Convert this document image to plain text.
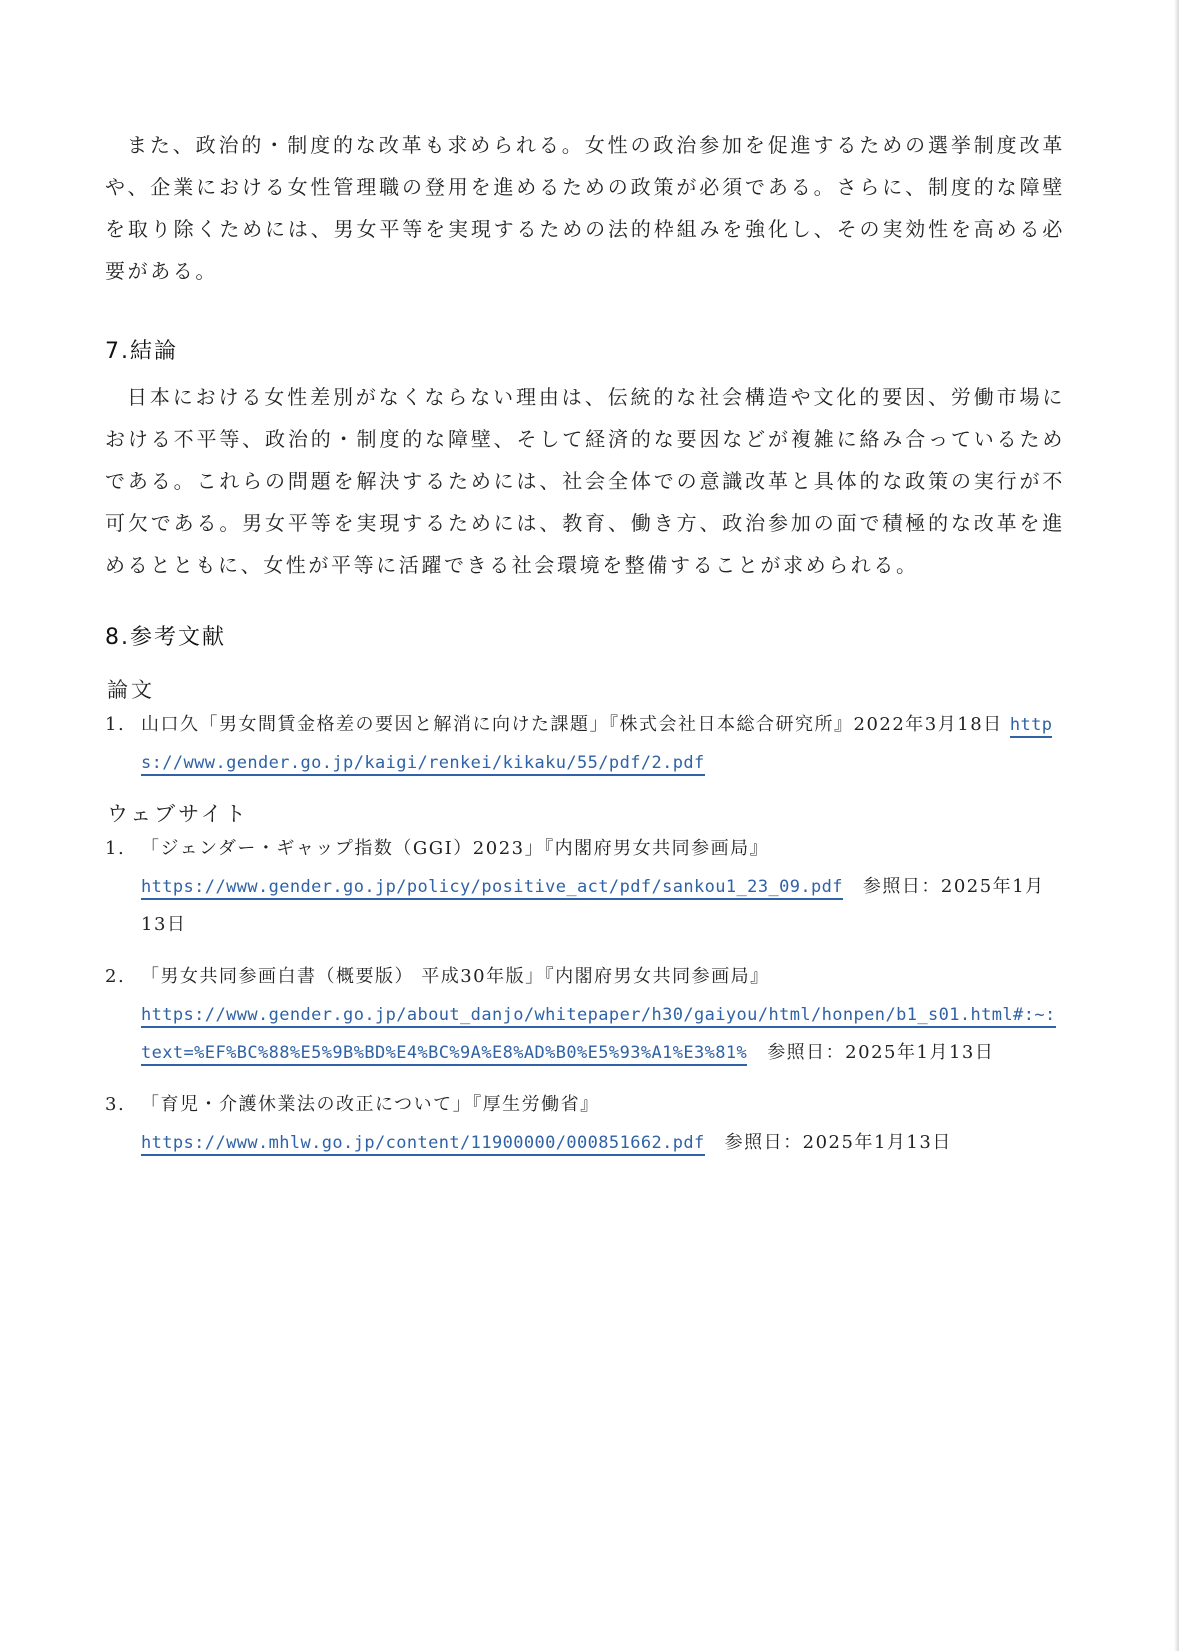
また、政治的・制度的な改革も求められる。女性の政治参加を促進するための選挙制度改革や、企業における女性管理職の登用を進めるための政策が必須である。さらに、制度的な障壁を取り除くためには、男女平等を実現するための法的枠組みを強化し、その実効性を高める必要がある。

7.結論

日本における女性差別がなくならない理由は、伝統的な社会構造や文化的要因、労働市場における不平等、政治的・制度的な障壁、そして経済的な要因などが複雑に絡み合っているためである。これらの問題を解決するためには、社会全体での意識改革と具体的な政策の実行が不可欠である。男女平等を実現するためには、教育、働き方、政治参加の面で積極的な改革を進めるとともに、女性が平等に活躍できる社会環境を整備することが求められる。

8.参考文献
論文
1. 山口久「男女間賃金格差の要因と解消に向けた課題」『株式会社日本総合研究所』2022年3月18日 https://www.gender.go.jp/kaigi/renkei/kikaku/55/pdf/2.pdf
ウェブサイト
1. 「ジェンダー・ギャップ指数（GGI）2023」『内閣府男女共同参画局』
https://www.gender.go.jp/policy/positive_act/pdf/sankou1_23_09.pdf 参照日：2025年1月13日
2. 「男女共同参画白書（概要版） 平成30年版」『内閣府男女共同参画局』
https://www.gender.go.jp/about_danjo/whitepaper/h30/gaiyou/html/honpen/b1_s01.html#:~:text=%EF%BC%88%E5%9B%BD%E4%BC%9A%E8%AD%B0%E5%93%A1%E3%81% 参照日：2025年1月13日
3. 「育児・介護休業法の改正について」『厚生労働省』
https://www.mhlw.go.jp/content/11900000/000851662.pdf 参照日：2025年1月13日
